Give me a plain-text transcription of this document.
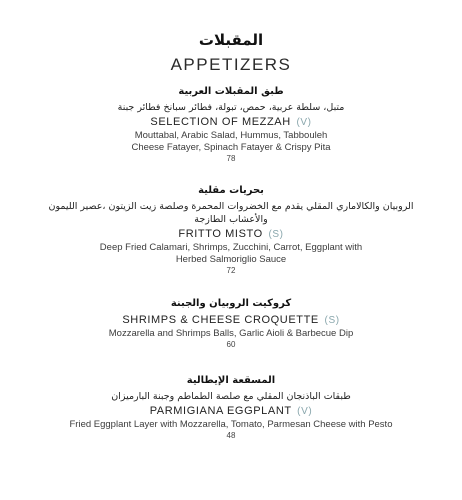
المقبلات
APPETIZERS
طبق المقبلات العربية
متبل، سلطة عربية، حمص، تبولة، فطائر سبانخ فطائر جبنة
SELECTION OF MEZZAH (V)
Mouttabal, Arabic Salad, Hummus, Tabbouleh
Cheese Fatayer, Spinach Fatayer & Crispy Pita
78
بحريات مقلية
الروبيان والكالاماري المقلي يقدم مع الخضروات المحمرة وصلصة زيت الزيتون ،عصير الليمون والأعشاب الطازجة
FRITTO MISTO (S)
Deep Fried Calamari, Shrimps, Zucchini, Carrot, Eggplant with
Herbed Salmoriglio Sauce
72
كروكيت الروبيان والجبنة
SHRIMPS & CHEESE CROQUETTE (S)
Mozzarella and Shrimps Balls, Garlic Aioli & Barbecue Dip
60
المسقعة الإيطالية
طبقات الباذنجان المقلي مع صلصة الطماطم وجبنة البارميزان
PARMIGIANA EGGPLANT (V)
Fried Eggplant Layer with Mozzarella, Tomato, Parmesan Cheese with Pesto
48
